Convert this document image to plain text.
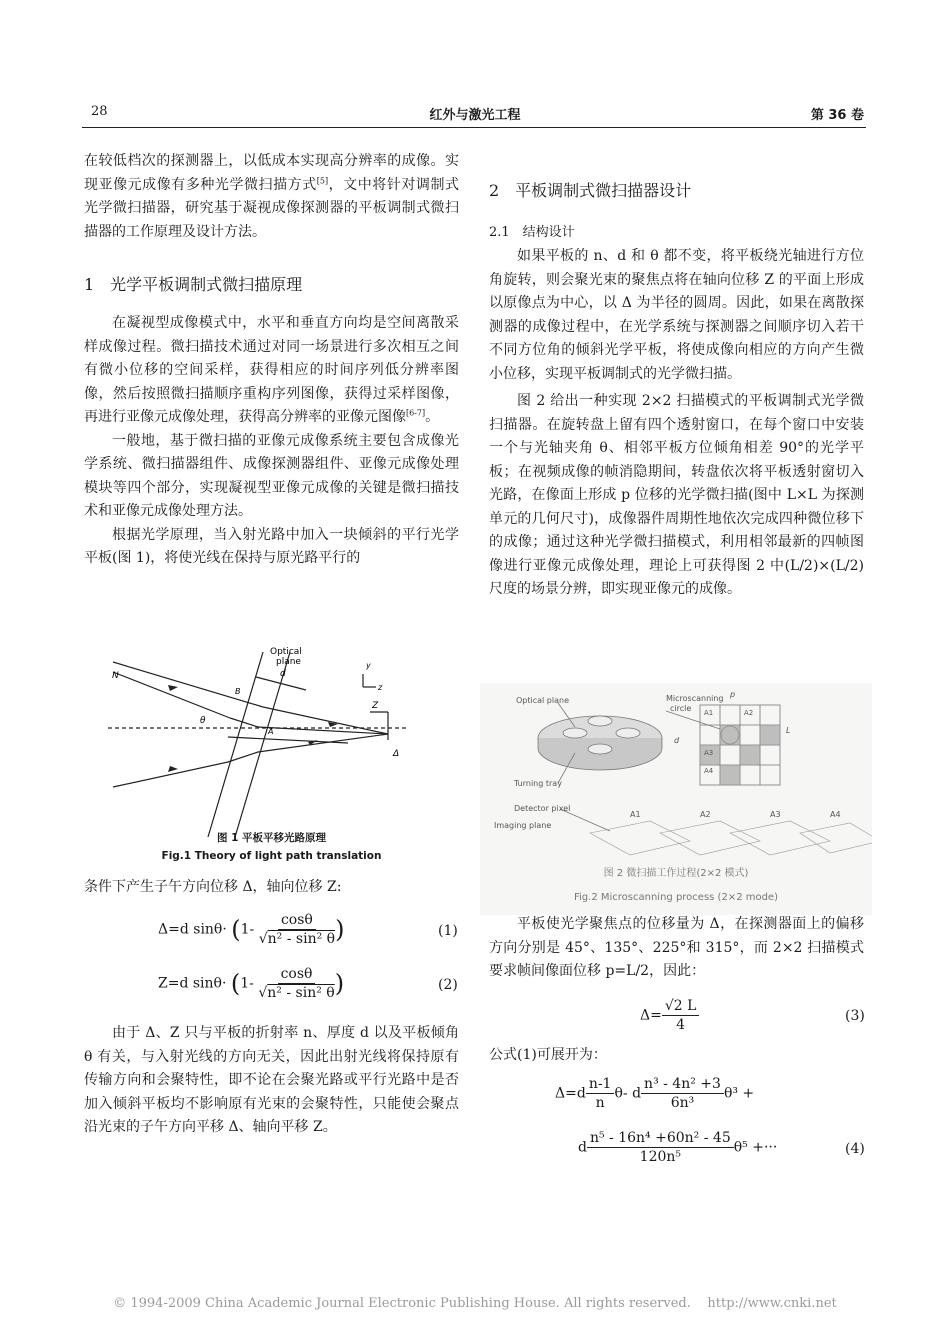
28	红外与激光工程	第 36 卷

在较低档次的探测器上，以低成本实现高分辨率的成像。实现亚像元成像有多种光学微扫描方式[5]，文中将针对调制式光学微扫描器，研究基于凝视成像探测器的平板调制式微扫描器的工作原理及设计方法。

1　光学平板调制式微扫描原理

在凝视型成像模式中，水平和垂直方向均是空间离散采样成像过程。微扫描技术通过对同一场景进行多次相互之间有微小位移的空间采样，获得相应的时间序列低分辨率图像，然后按照微扫描顺序重构序列图像，获得过采样图像，再进行亚像元成像处理，获得高分辨率的亚像元图像[6-7]。

一般地，基于微扫描的亚像元成像系统主要包含成像光学系统、微扫描器组件、成像探测器组件、亚像元成像处理模块等四个部分，实现凝视型亚像元成像的关键是微扫描技术和亚像元成像处理方法。

根据光学原理，当入射光路中加入一块倾斜的平行光学平板(图 1)，将使光线在保持与原光路平行的

Optical
plane
d
N
θ
B
A
y
z
Z
Δ
图 1 平板平移光路原理
Fig.1 Theory of light path translation

条件下产生子午方向位移 Δ，轴向位移 Z:

Δ=d $\sin\theta\cdot (1- \frac{\cos\theta}{\text{√n² - sin² θ}}$ )	(1)
Z=d $\sin\theta\cdot (1- \frac{\cos\theta}{\text{√n² - sin² θ}}$ )	(2)

由于 Δ、Z 只与平板的折射率 n、厚度 d 以及平板倾角 θ 有关，与入射光线的方向无关，因此出射光线将保持原有传输方向和会聚特性，即不论在会聚光路或平行光路中是否加入倾斜平板均不影响原有光束的会聚特性，只能使会聚点沿光束的子午方向平移 Δ、轴向平移 Z。

2　平板调制式微扫描器设计

2.1　结构设计

如果平板的 n、d 和 θ 都不变，将平板绕光轴进行方位角旋转，则会聚光束的聚焦点将在轴向位移 Z 的平面上形成以原像点为中心，以 Δ 为半径的圆周。因此，如果在离散探测器的成像过程中，在光学系统与探测器之间顺序切入若干不同方位角的倾斜光学平板，将使成像向相应的方向产生微小位移，实现平板调制式的光学微扫描。

图 2 给出一种实现 2×2 扫描模式的平板调制式光学微扫描器。在旋转盘上留有四个透射窗口，在每个窗口中安装一个与光轴夹角 θ、相邻平板方位倾角相差 90°的光学平板；在视频成像的帧消隐期间，转盘依次将平板透射窗切入光路，在像面上形成 p 位移的光学微扫描(图中 L×L 为探测单元的几何尺寸)，成像器件周期性地依次完成四种微位移下的成像；通过这种光学微扫描模式，利用相邻最新的四帧图像进行亚像元成像处理，理论上可获得图 2 中(L/2)×(L/2)尺度的场景分辨，即实现亚像元的成像。

Optical plane	Microscanning
circle
Turning tray
Detector pixel
Imaging plane
p
L
d
A1	A2
A3
A4
A1	A2	A3	A4
图 2 微扫描工作过程(2×2 模式)
Fig.2 Microscanning process (2×2 mode)

平板使光学聚焦点的位移量为 Δ，在探测器面上的偏移方向分别是 45°、135°、225°和 315°，而 2×2 扫描模式要求帧间像面位移 p=L/2，因此：

$\Delta= \frac{√2 L}{4}$	(3)

公式(1)可展开为：

$\Delta=d \frac{n-1}{n} \theta-$ d $\frac{\text{n³ - 4n² +3}}{\text{6n³}} \theta^3$ +
d $\frac{\text{n⁵ - 16n⁴ +60n² - 45}}{\text{120n⁵}} \theta^5$ +···	(4)
© 1994-2009 China Academic Journal Electronic Publishing House. All rights reserved.    http://www.cnki.net
